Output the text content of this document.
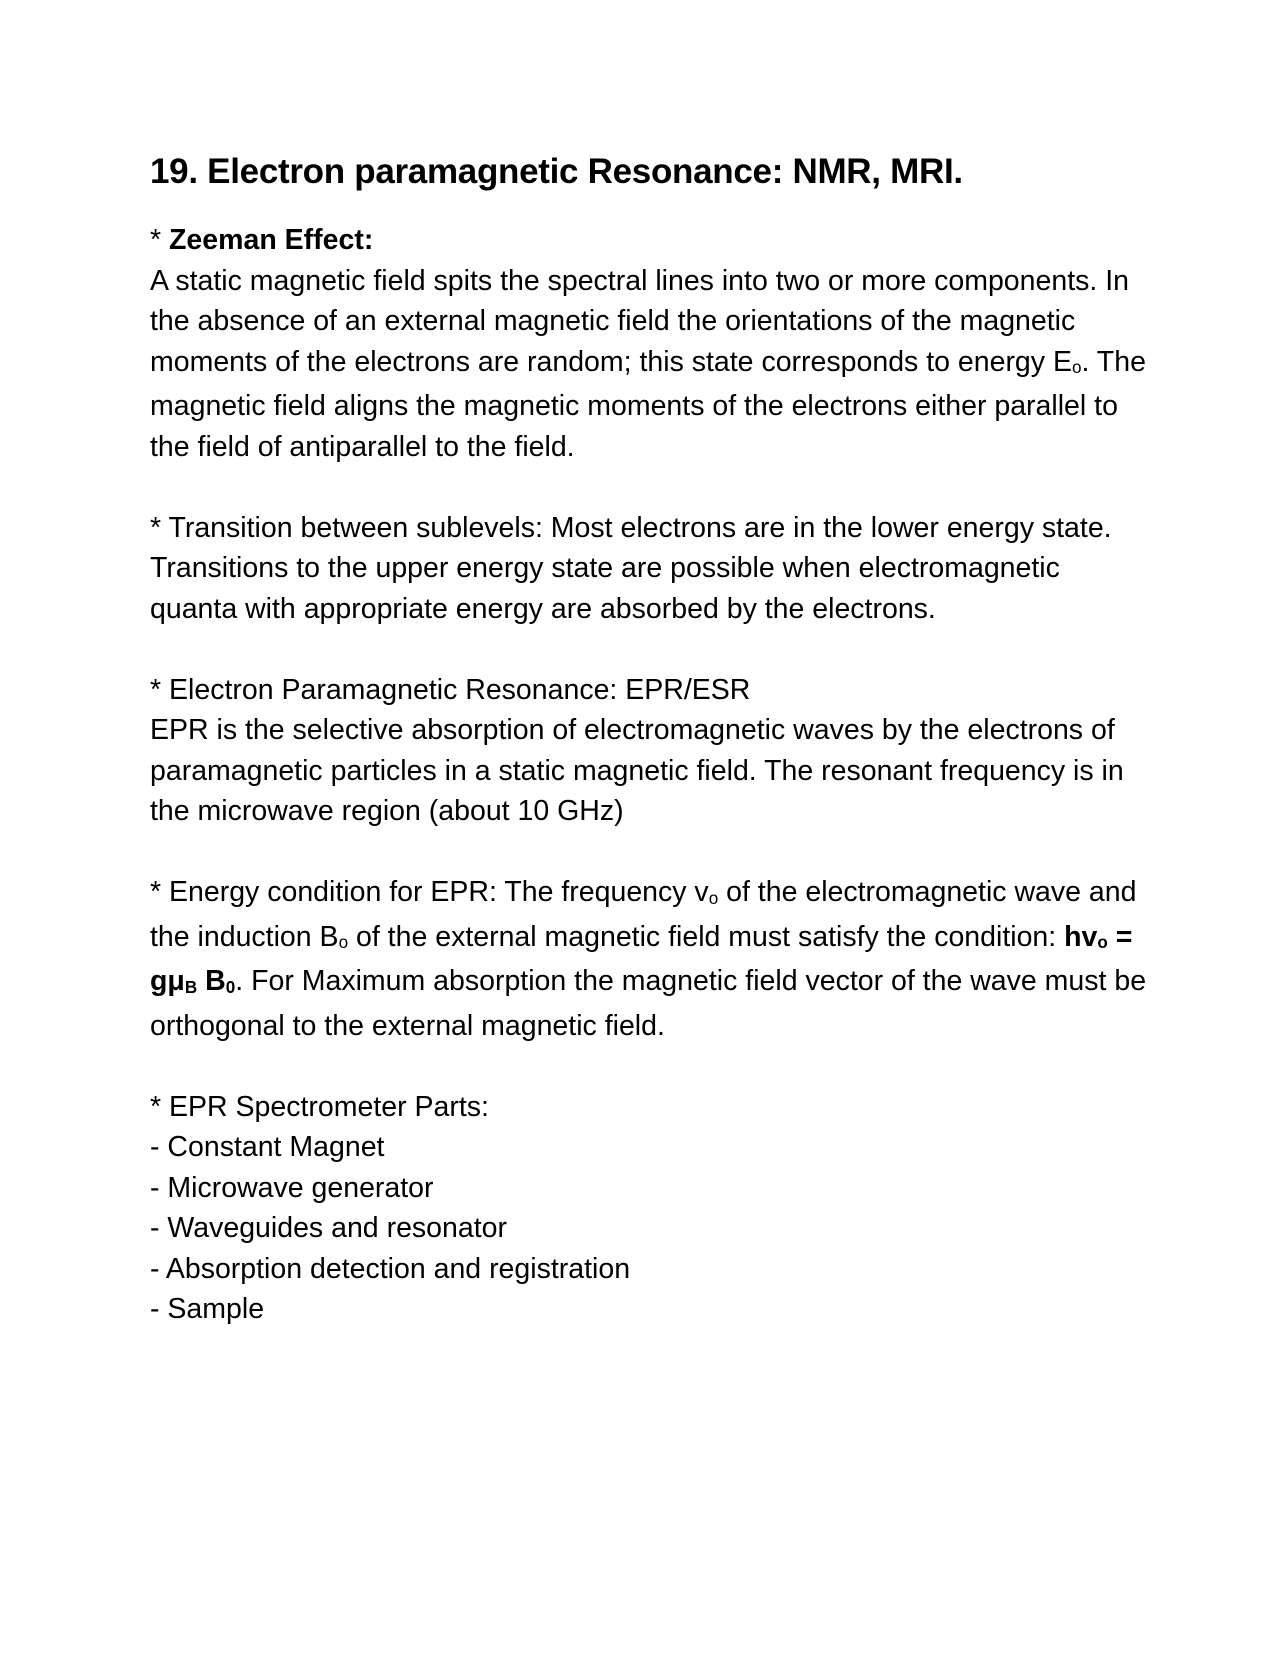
19. Electron paramagnetic Resonance: NMR, MRI.

* Zeeman Effect:

A static magnetic field spits the spectral lines into two or more components. In the absence of an external magnetic field the orientations of the magnetic moments of the electrons are random; this state corresponds to energy $E_o$. The magnetic field aligns the magnetic moments of the electrons either parallel to the field of antiparallel to the field.

* Transition between sublevels: Most electrons are in the lower energy state. Transitions to the upper energy state are possible when electromagnetic quanta with appropriate energy are absorbed by the electrons.

* Electron Paramagnetic Resonance: EPR/ESR

EPR is the selective absorption of electromagnetic waves by the electrons of paramagnetic particles in a static magnetic field. The resonant frequency is in the microwave region (about 10 GHz)

* Energy condition for EPR: The frequency $v_o$ of the electromagnetic wave and the induction $B_o$ of the external magnetic field must satisfy the condition: $hv_o = g\mu_B$ $B_0$. For Maximum absorption the magnetic field vector of the wave must be orthogonal to the external magnetic field.

* EPR Spectrometer Parts:

- Constant Magnet
- Microwave generator
- Waveguides and resonator
- Absorption detection and registration
- Sample
